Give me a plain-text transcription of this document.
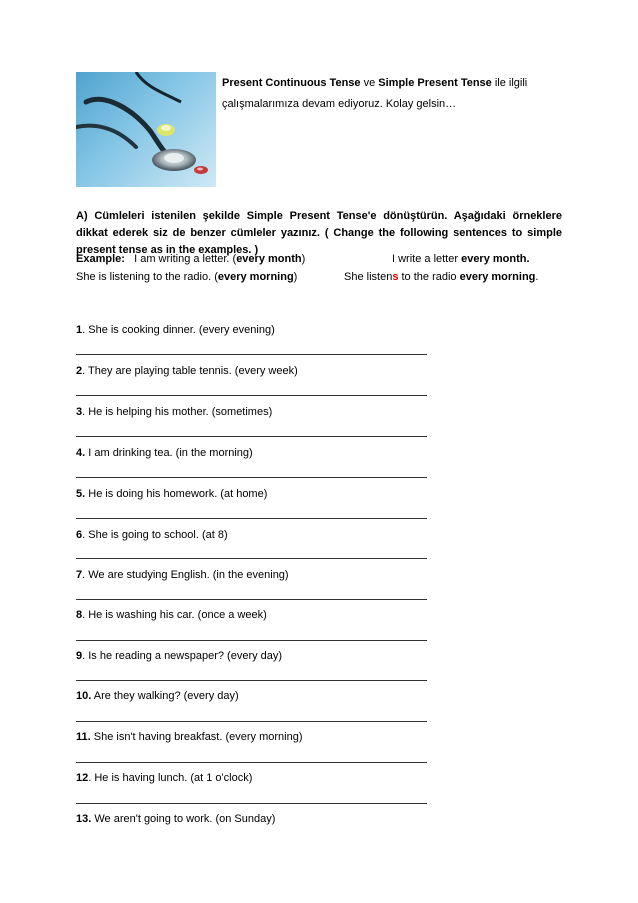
Present Continuous Tense ve Simple Present Tense ile ilgili
çalışmalarımıza devam ediyoruz. Kolay gelsin…
A) Cümleleri istenilen şekilde Simple Present Tense'e dönüştürün. Aşağıdaki örneklere dikkat ederek siz de benzer cümleler yazınız. ( Change the following sentences to simple present tense as in the examples. )
Example: I am writing a letter. (every month)	I write a letter every month.
She is listening to the radio. (every morning)	She listens to the radio every morning.
1. She is cooking dinner. (every evening)
2. They are playing table tennis. (every week)
3. He is helping his mother. (sometimes)
4. I am drinking tea. (in the morning)
5. He is doing his homework. (at home)
6. She is going to school. (at 8)
7. We are studying English. (in the evening)
8. He is washing his car. (once a week)
9. Is he reading a newspaper? (every day)
10. Are they walking? (every day)
11. She isn't having breakfast. (every morning)
12. He is having lunch. (at 1 o'clock)
13. We aren't going to work. (on Sunday)
